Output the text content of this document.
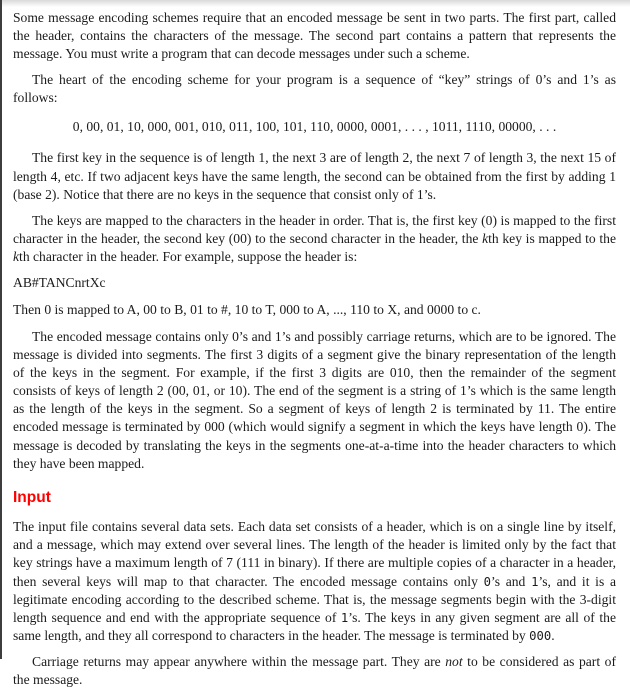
Some message encoding schemes require that an encoded message be sent in two parts. The first part, called the header, contains the characters of the message. The second part contains a pattern that represents the message. You must write a program that can decode messages under such a scheme.

The heart of the encoding scheme for your program is a sequence of “key” strings of 0’s and 1’s as follows:

0, 00, 01, 10, 000, 001, 010, 011, 100, 101, 110, 0000, 0001, . . . , 1011, 1110, 00000, . . .

The first key in the sequence is of length 1, the next 3 are of length 2, the next 7 of length 3, the next 15 of length 4, etc. If two adjacent keys have the same length, the second can be obtained from the first by adding 1 (base 2). Notice that there are no keys in the sequence that consist only of 1’s.

The keys are mapped to the characters in the header in order. That is, the first key (0) is mapped to the first character in the header, the second key (00) to the second character in the header, the kth key is mapped to the kth character in the header. For example, suppose the header is:

AB#TANCnrtXc

Then 0 is mapped to A, 00 to B, 01 to #, 10 to T, 000 to A, ..., 110 to X, and 0000 to c.

The encoded message contains only 0’s and 1’s and possibly carriage returns, which are to be ignored. The message is divided into segments. The first 3 digits of a segment give the binary representation of the length of the keys in the segment. For example, if the first 3 digits are 010, then the remainder of the segment consists of keys of length 2 (00, 01, or 10). The end of the segment is a string of 1’s which is the same length as the length of the keys in the segment. So a segment of keys of length 2 is terminated by 11. The entire encoded message is terminated by 000 (which would signify a segment in which the keys have length 0). The message is decoded by translating the keys in the segments one-at-a-time into the header characters to which they have been mapped.

Input

The input file contains several data sets. Each data set consists of a header, which is on a single line by itself, and a message, which may extend over several lines. The length of the header is limited only by the fact that key strings have a maximum length of 7 (111 in binary). If there are multiple copies of a character in a header, then several keys will map to that character. The encoded message contains only 0’s and 1’s, and it is a legitimate encoding according to the described scheme. That is, the message segments begin with the 3-digit length sequence and end with the appropriate sequence of 1’s. The keys in any given segment are all of the same length, and they all correspond to characters in the header. The message is terminated by 000.

Carriage returns may appear anywhere within the message part. They are not to be considered as part of the message.
